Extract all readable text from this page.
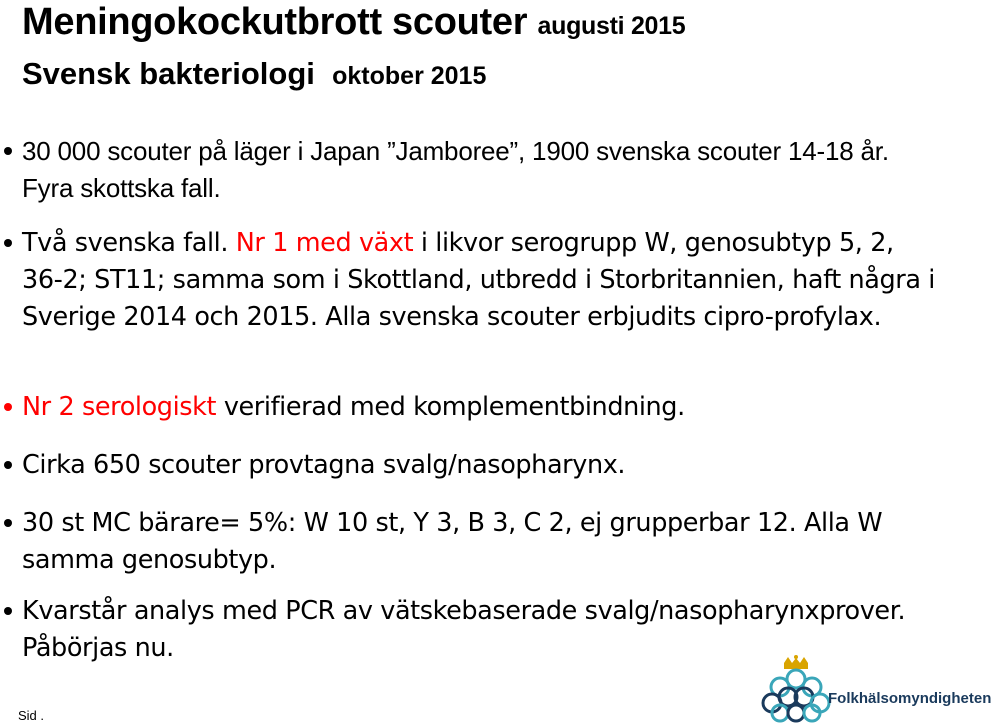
Meningokockutbrott scouter augusti 2015
Svensk bakteriologi oktober 2015
30 000 scouter på läger i Japan ”Jamboree”, 1900 svenska scouter 14-18 år. Fyra skottska fall.
Två svenska fall. Nr 1 med växt i likvor serogrupp W, genosubtyp 5, 2, 36-2; ST11; samma som i Skottland, utbredd i Storbritannien, haft några i Sverige 2014 och 2015. Alla svenska scouter erbjudits cipro-profylax.
Nr 2 serologiskt verifierad med komplementbindning.
Cirka 650 scouter provtagna svalg/nasopharynx.
30 st MC bärare= 5%: W 10 st, Y 3, B 3, C 2, ej grupperbar 12. Alla W samma genosubtyp.
Kvarstår analys med PCR av vätskebaserade svalg/nasopharynxprover. Påbörjas nu.
Sid .
Folkhälsomyndigheten
